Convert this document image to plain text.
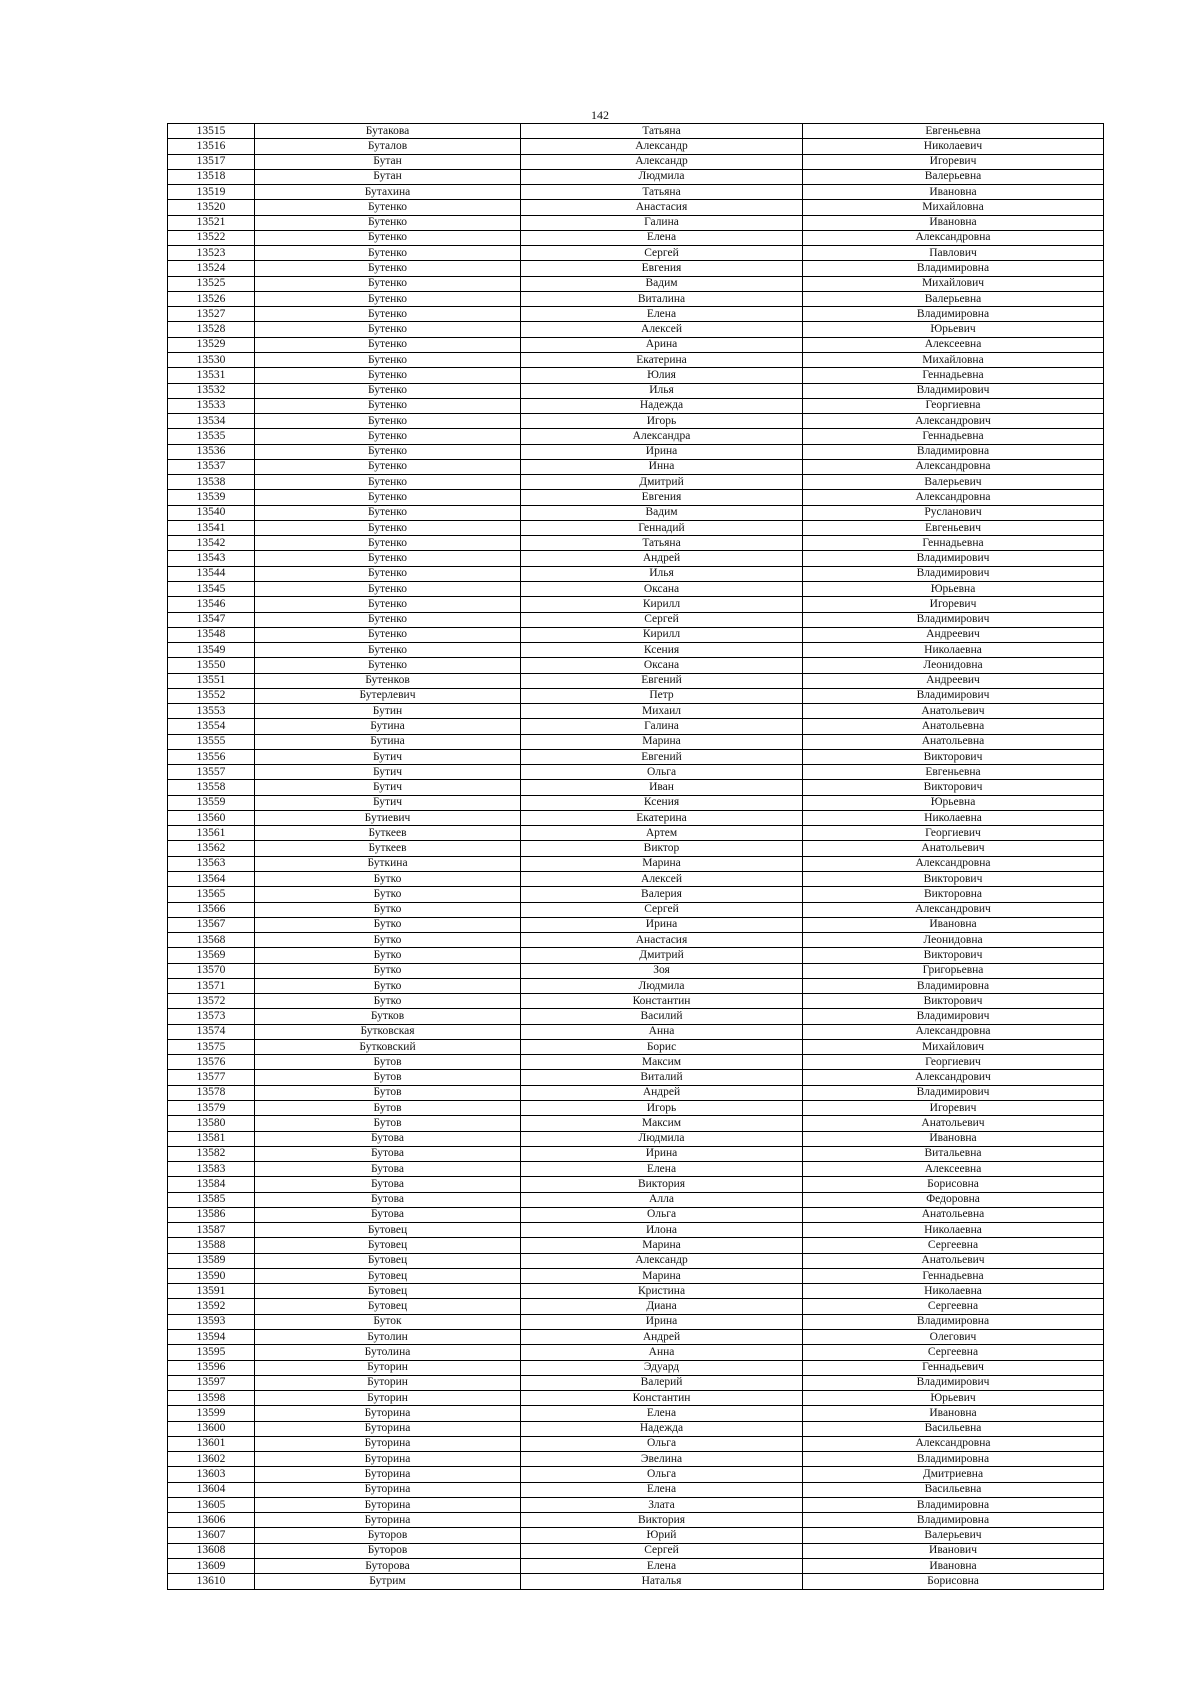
142
13515	Бутакова	Татьяна	Евгеньевна
13516	Буталов	Александр	Николаевич
13517	Бутан	Александр	Игоревич
13518	Бутан	Людмила	Валерьевна
13519	Бутахина	Татьяна	Ивановна
13520	Бутенко	Анастасия	Михайловна
13521	Бутенко	Галина	Ивановна
13522	Бутенко	Елена	Александровна
13523	Бутенко	Сергей	Павлович
13524	Бутенко	Евгения	Владимировна
13525	Бутенко	Вадим	Михайлович
13526	Бутенко	Виталина	Валерьевна
13527	Бутенко	Елена	Владимировна
13528	Бутенко	Алексей	Юрьевич
13529	Бутенко	Арина	Алексеевна
13530	Бутенко	Екатерина	Михайловна
13531	Бутенко	Юлия	Геннадьевна
13532	Бутенко	Илья	Владимирович
13533	Бутенко	Надежда	Георгиевна
13534	Бутенко	Игорь	Александрович
13535	Бутенко	Александра	Геннадьевна
13536	Бутенко	Ирина	Владимировна
13537	Бутенко	Инна	Александровна
13538	Бутенко	Дмитрий	Валерьевич
13539	Бутенко	Евгения	Александровна
13540	Бутенко	Вадим	Русланович
13541	Бутенко	Геннадий	Евгеньевич
13542	Бутенко	Татьяна	Геннадьевна
13543	Бутенко	Андрей	Владимирович
13544	Бутенко	Илья	Владимирович
13545	Бутенко	Оксана	Юрьевна
13546	Бутенко	Кирилл	Игоревич
13547	Бутенко	Сергей	Владимирович
13548	Бутенко	Кирилл	Андреевич
13549	Бутенко	Ксения	Николаевна
13550	Бутенко	Оксана	Леонидовна
13551	Бутенков	Евгений	Андреевич
13552	Бутерлевич	Петр	Владимирович
13553	Бутин	Михаил	Анатольевич
13554	Бутина	Галина	Анатольевна
13555	Бутина	Марина	Анатольевна
13556	Бутич	Евгений	Викторович
13557	Бутич	Ольга	Евгеньевна
13558	Бутич	Иван	Викторович
13559	Бутич	Ксения	Юрьевна
13560	Бутиевич	Екатерина	Николаевна
13561	Буткеев	Артем	Георгиевич
13562	Буткеев	Виктор	Анатольевич
13563	Буткина	Марина	Александровна
13564	Бутко	Алексей	Викторович
13565	Бутко	Валерия	Викторовна
13566	Бутко	Сергей	Александрович
13567	Бутко	Ирина	Ивановна
13568	Бутко	Анастасия	Леонидовна
13569	Бутко	Дмитрий	Викторович
13570	Бутко	Зоя	Григорьевна
13571	Бутко	Людмила	Владимировна
13572	Бутко	Константин	Викторович
13573	Бутков	Василий	Владимирович
13574	Бутковская	Анна	Александровна
13575	Бутковский	Борис	Михайлович
13576	Бутов	Максим	Георгиевич
13577	Бутов	Виталий	Александрович
13578	Бутов	Андрей	Владимирович
13579	Бутов	Игорь	Игоревич
13580	Бутов	Максим	Анатольевич
13581	Бутова	Людмила	Ивановна
13582	Бутова	Ирина	Витальевна
13583	Бутова	Елена	Алексеевна
13584	Бутова	Виктория	Борисовна
13585	Бутова	Алла	Федоровна
13586	Бутова	Ольга	Анатольевна
13587	Бутовец	Илона	Николаевна
13588	Бутовец	Марина	Сергеевна
13589	Бутовец	Александр	Анатольевич
13590	Бутовец	Марина	Геннадьевна
13591	Бутовец	Кристина	Николаевна
13592	Бутовец	Диана	Сергеевна
13593	Буток	Ирина	Владимировна
13594	Бутолин	Андрей	Олегович
13595	Бутолина	Анна	Сергеевна
13596	Буторин	Эдуард	Геннадьевич
13597	Буторин	Валерий	Владимирович
13598	Буторин	Константин	Юрьевич
13599	Буторина	Елена	Ивановна
13600	Буторина	Надежда	Васильевна
13601	Буторина	Ольга	Александровна
13602	Буторина	Эвелина	Владимировна
13603	Буторина	Ольга	Дмитриевна
13604	Буторина	Елена	Васильевна
13605	Буторина	Злата	Владимировна
13606	Буторина	Виктория	Владимировна
13607	Буторов	Юрий	Валерьевич
13608	Буторов	Сергей	Иванович
13609	Буторова	Елена	Ивановна
13610	Бутрим	Наталья	Борисовна
